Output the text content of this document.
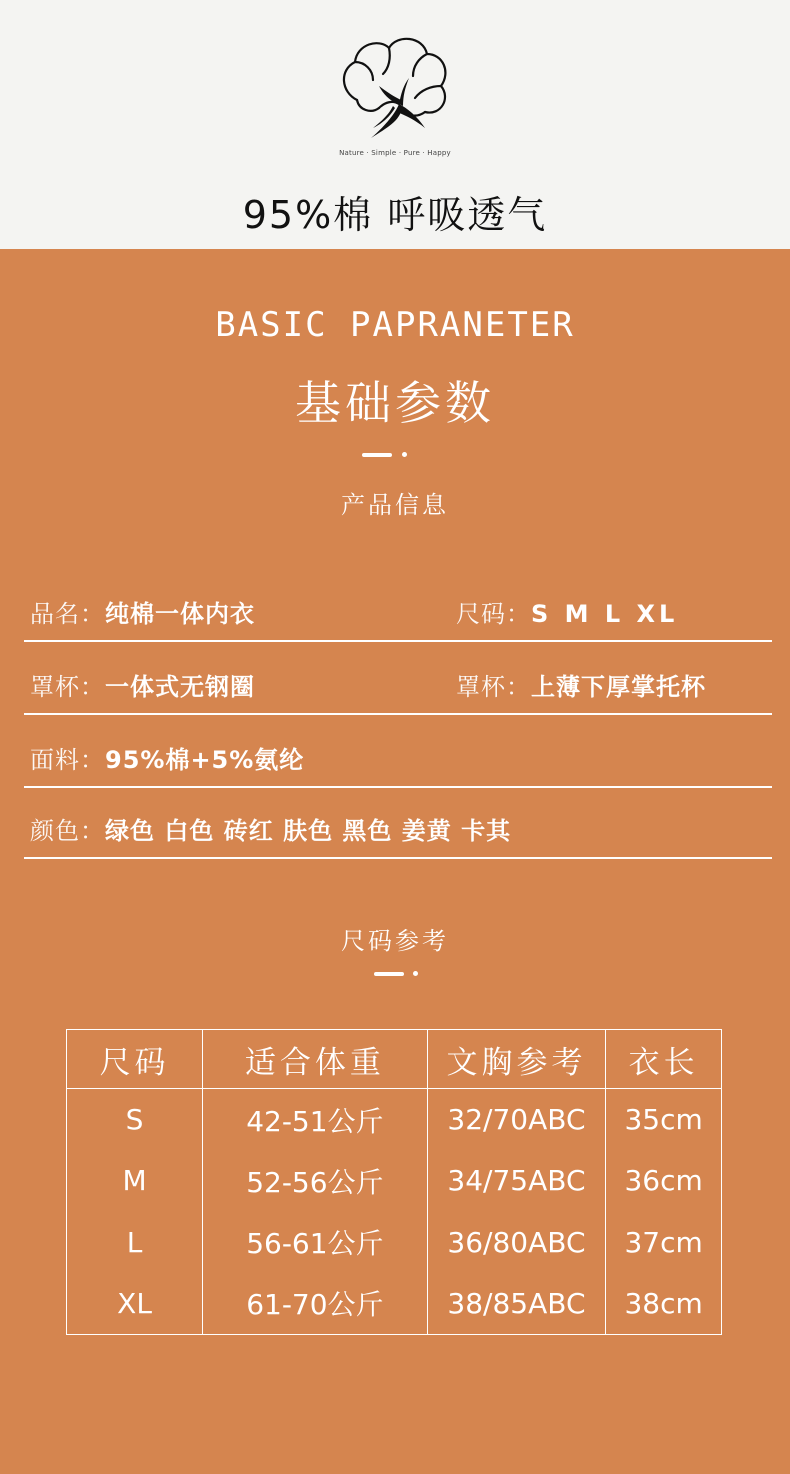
Nature · Simple · Pure · Happy
95%棉 呼吸透气
BASIC PAPRANETER
基础参数
产品信息
品名：纯棉一体内衣	尺码：S M L XL
罩杯：一体式无钢圈	罩杯：上薄下厚掌托杯
面料：95%棉+5%氨纶
颜色：绿色 白色 砖红 肤色 黑色 姜黄 卡其
尺码参考
尺码	适合体重	文胸参考	衣长
S	42-51公斤	32/70ABC	35cm
M	52-56公斤	34/75ABC	36cm
L	56-61公斤	36/80ABC	37cm
XL	61-70公斤	38/85ABC	38cm
